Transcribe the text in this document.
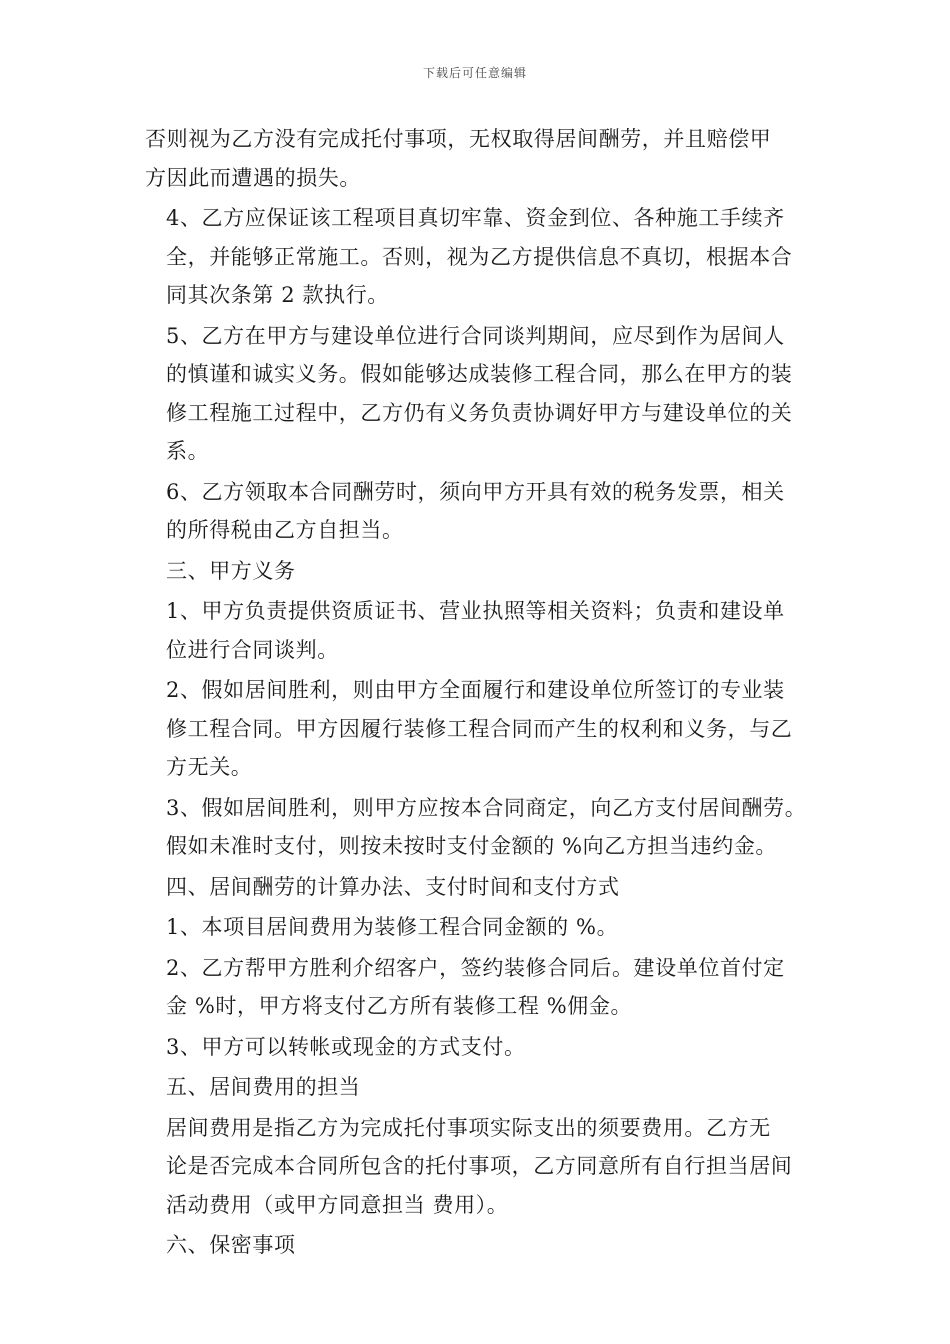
下载后可任意编辑

否则视为乙方没有完成托付事项，无权取得居间酬劳，并且赔偿甲
方因此而遭遇的损失。

4、乙方应保证该工程项目真切牢靠、资金到位、各种施工手续齐
全，并能够正常施工。否则，视为乙方提供信息不真切，根据本合
同其次条第 2 款执行。

5、乙方在甲方与建设单位进行合同谈判期间，应尽到作为居间人
的慎谨和诚实义务。假如能够达成装修工程合同，那么在甲方的装
修工程施工过程中，乙方仍有义务负责协调好甲方与建设单位的关
系。

6、乙方领取本合同酬劳时，须向甲方开具有效的税务发票，相关
的所得税由乙方自担当。

三、甲方义务

1、甲方负责提供资质证书、营业执照等相关资料；负责和建设单
位进行合同谈判。

2、假如居间胜利，则由甲方全面履行和建设单位所签订的专业装
修工程合同。甲方因履行装修工程合同而产生的权利和义务，与乙
方无关。

3、假如居间胜利，则甲方应按本合同商定，向乙方支付居间酬劳。
假如未准时支付，则按未按时支付金额的 %向乙方担当违约金。

四、居间酬劳的计算办法、支付时间和支付方式

1、本项目居间费用为装修工程合同金额的 %。

2、乙方帮甲方胜利介绍客户，签约装修合同后。建设单位首付定
金 %时，甲方将支付乙方所有装修工程 %佣金。

3、甲方可以转帐或现金的方式支付。

五、居间费用的担当

居间费用是指乙方为完成托付事项实际支出的须要费用。乙方无
论是否完成本合同所包含的托付事项，乙方同意所有自行担当居间
活动费用（或甲方同意担当 费用）。

六、保密事项
